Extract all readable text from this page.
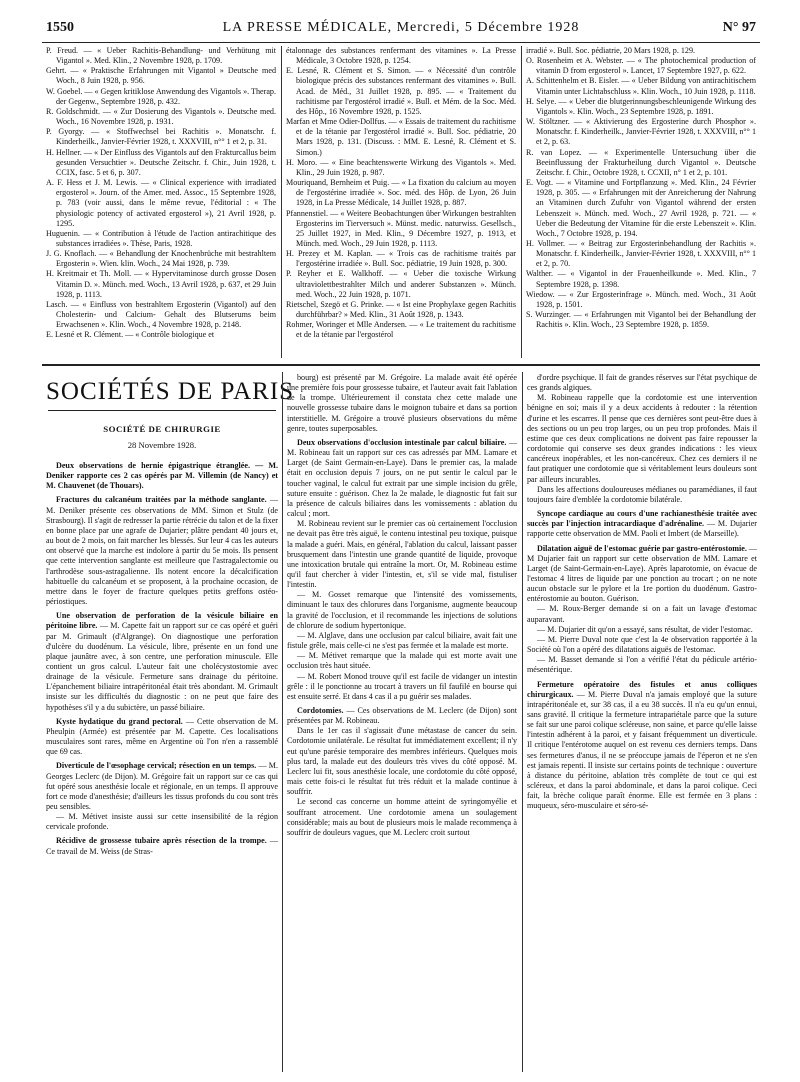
1550	LA PRESSE MÉDICALE, Mercredi, 5 Décembre 1928	N° 97

P. Freud. — « Ueber Rachitis-Behandlung- und Verhütung mit Vigantol ». Med. Klin., 2 Novembre 1928, p. 1709.

Gehrt. — « Praktische Erfahrungen mit Vigantol » Deutsche med Woch., 8 Juin 1928, p. 956.

W. Goebel. — « Gegen kritiklose Anwendung des Vigantols ». Therap. der Gegenw., Septembre 1928, p. 432.

R. Goldschmidt. — « Zur Dosierung des Vigantols ». Deutsche med. Woch., 16 Novembre 1928, p. 1931.

P. Gyorgy. — « Stoffwechsel bei Rachitis ». Monatschr. f. Kinderheilk., Janvier-Février 1928, t. XXXVIII, n°° 1 et 2, p. 31.

H. Hellner. — « Der Einfluss des Vigantols auf den Frakturcallus beim gesunden Versuchtier ». Deutsche Zeitschr. f. Chir., Juin 1928, t. CCIX, fasc. 5 et 6, p. 307.

A. F. Hess et J. M. Lewis. — « Clinical experience with irradiated ergosterol ». Journ. of the Amer. med. Assoc., 15 Septembre 1928, p. 783 (voir aussi, dans le même revue, l'éditorial : « The physiologic potency of activated ergosterol »), 21 Avril 1928, p. 1295.

Huguenin. — « Contribution à l'étude de l'action antirachitique des substances irradiées ». Thèse, Paris, 1928.

J. G. Knoflach. — « Behandlung der Knochenbrüche mit bestrahltem Ergosterin ». Wien. klin. Woch., 24 Mai 1928, p. 739.

H. Kreitmair et Th. Moll. — « Hypervitaminose durch grosse Dosen Vitamin D. ». Münch. med. Woch., 13 Avril 1928, p. 637, et 29 Juin 1928, p. 1113.

Lasch. — « Einfluss von bestrahltem Ergosterin (Vigantol) auf den Cholesterin- und Calcium- Gehalt des Blutserums beim Erwachsenen ». Klin. Woch., 4 Novembre 1928, p. 2148.

E. Lesné et R. Clément. — « Contrôle biologique et

étalonnage des substances renfermant des vitamines ». La Presse Médicale, 3 Octobre 1928, p. 1254.

E. Lesné, R. Clément et S. Simon. — « Nécessité d'un contrôle biologique précis des substances renfermant des vitamines ». Bull. Acad. de Méd., 31 Juillet 1928, p. 895. — « Traitement du rachitisme par l'ergostérol irradié ». Bull. et Mém. de la Soc. Méd. des Hôp., 16 Novembre 1928, p. 1525.

Marfan et Mme Odier-Dollfus. — « Essais de traitement du rachitisme et de la tétanie par l'ergostérol irradié ». Bull. Soc. pédiatrie, 20 Mars 1928, p. 131. (Discuss. : MM. E. Lesné, R. Clément et S. Simon.)

H. Moro. — « Eine beachtenswerte Wirkung des Vigantols ». Med. Klin., 29 Juin 1928, p. 987.

Mouriquand, Bernheim et Puig. — « La fixation du calcium au moyen de l'ergostérine irradiée ». Soc. méd. des Hôp. de Lyon, 26 Juin 1928, in La Presse Médicale, 14 Juillet 1928, p. 887.

Pfannenstiel. — « Weitere Beobachtungen über Wirkungen bestrahlten Ergosterins im Tierversuch ». Münst. medic. naturwiss. Gesellsch., 25 Juillet 1927, in Med. Klin., 9 Décembre 1927, p. 1913, et Münch. med. Woch., 29 Juin 1928, p. 1113.

H. Prezey et M. Kaplan. — « Trois cas de rachitisme traités par l'ergostérine irradiée ». Bull. Soc. pédiatrie, 19 Juin 1928, p. 300.

P. Reyher et E. Walkhoff. — « Ueber die toxische Wirkung ultraviolettbestrahlter Milch und anderer Substanzen ». Münch. med. Woch., 22 Juin 1928, p. 1071.

Rietschel, Szegö et G. Prinke. — « Ist eine Prophylaxe gegen Rachitis durchführbar? » Med. Klin., 31 Août 1928, p. 1343.

Rohmer, Woringer et Mlle Andersen. — « Le traitement du rachitisme et de la tétanie par l'ergostérol

irradié ». Bull. Soc. pédiatrie, 20 Mars 1928, p. 129.

O. Rosenheim et A. Webster. — « The photochemical production of vitamin D from ergosterol ». Lancet, 17 Septembre 1927, p. 622.

A. Schittenhelm et B. Eisler. — « Ueber Bildung von antirachitischem Vitamin unter Lichtabschluss ». Klin. Woch., 10 Juin 1928, p. 1118.

H. Selye. — « Ueber die blutgerinnungsbeschleunigende Wirkung des Vigantols ». Klin. Woch., 23 Septembre 1928, p. 1891.

W. Stöltzner. — « Aktivierung des Ergosterine durch Phosphor ». Monatschr. f. Kinderheilk., Janvier-Février 1928, t. XXXVIII, n°° 1 et 2, p. 63.

R. van Lopez. — « Experimentelle Untersuchung über die Beeinflussung der Frakturheilung durch Vigantol ». Deutsche Zeitschr. f. Chir., Octobre 1928, t. CCXII, n° 1 et 2, p. 101.

E. Vogt. — « Vitamine und Fortpflanzung ». Med. Klin., 24 Février 1928, p. 305. — « Erfahrungen mit der Anreicherung der Nahrung an Vitaminen durch Zufuhr von Vigantol während der ersten Lebenszeit ». Münch. med. Woch., 27 Avril 1928, p. 721. — « Ueber die Bedeutung der Vitamine für die erste Lebenszeit ». Klin. Woch., 7 Octobre 1928, p. 194.

H. Vollmer. — « Beitrag zur Ergosterinbehandlung der Rachitis ». Monatschr. f. Kinderheilk., Janvier-Février 1928, t. XXXVIII, n°° 1 et 2, p. 70.

Walther. — « Vigantol in der Frauenheilkunde ». Med. Klin., 7 Septembre 1928, p. 1398.

Wiedow. — « Zur Ergosterinfrage ». Münch. med. Woch., 31 Août 1928, p. 1501.

S. Wurzinger. — « Erfahrungen mit Vigantol bei der Behandlung der Rachitis ». Klin. Woch., 23 Septembre 1928, p. 1859.

SOCIÉTÉS DE PARIS
SOCIÉTÉ DE CHIRURGIE
28 Novembre 1928.

Deux observations de hernie épigastrique étranglée. — M. Deniker rapporte ces 2 cas opérés par M. Villemin (de Nancy) et M. Chauvenet (de Thouars).

Fractures du calcanéum traitées par la méthode sanglante. — M. Deniker présente ces observations de MM. Simon et Stulz (de Strasbourg). Il s'agit de redresser la partie rétrécie du talon et de la fixer en bonne place par une agrafe de Dujarier; plâtre pendant 40 jours et, au bout de 2 mois, on fait marcher les blessés. Sur leur 4 cas les auteurs ont observé que la marche est indolore à partir du 5e mois. Ils pensent que cette intervention sanglante est meilleure que l'astragalectomie ou l'arthrodèse sous-astragalienne. Ils notent encore la décalcification habituelle du calcanéum et se proposent, à la prochaine occasion, de mettre dans le foyer de fracture quelques petits greffons ostéo-périostiques.

Une observation de perforation de la vésicule biliaire en péritoine libre. — M. Capette fait un rapport sur ce cas opéré et guéri par M. Grimault (d'Algrange). On diagnostique une perforation d'ulcère du duodénum. La vésicule, libre, présente en un fond une plaque jaunâtre avec, à son centre, une perforation minuscule. Elle contient un gros calcul. L'auteur fait une cholécystostomie avec drainage de la vésicule. Fermeture sans drainage du péritoine. L'épanchement biliaire intrapéritonéal était très abondant. M. Grimault insiste sur les difficultés du diagnostic : on ne peut que faire des hypothèses s'il y a du subictère, un passé biliaire.

Kyste hydatique du grand pectoral. — Cette observation de M. Pheulpin (Armée) est présentée par M. Capette. Ces localisations musculaires sont rares, même en Argentine où l'on n'en a rassemblé que 69 cas.

Diverticule de l'œsophage cervical; résection en un temps. — M. Georges Leclerc (de Dijon). M. Grégoire fait un rapport sur ce cas qui fut opéré sous anesthésie locale et régionale, en un temps. Il approuve fort ce mode d'anesthésie; d'ailleurs les tissus profonds du cou sont très peu sensibles.

— M. Métivet insiste aussi sur cette insensibilité de la région cervicale profonde.

Récidive de grossesse tubaire après résection de la trompe. — Ce travail de M. Weiss (de Stras-

bourg) est présenté par M. Grégoire. La malade avait été opérée une première fois pour grossesse tubaire, et l'auteur avait fait l'ablation de la trompe. Ultérieurement il constata chez cette malade une nouvelle grossesse tubaire dans le moignon tubaire et dans sa portion interstitielle. M. Grégoire a trouvé plusieurs observations du même genre, toutes superposables.

Deux observations d'occlusion intestinale par calcul biliaire. — M. Robineau fait un rapport sur ces cas adressés par MM. Lamare et Larget (de Saint Germain-en-Laye). Dans le premier cas, la malade était en occlusion depuis 7 jours, on ne put sentir le calcul par le toucher vaginal, le calcul fut extrait par une simple incision du grêle, suture ensuite : guérison. Chez la 2e malade, le diagnostic fut fait sur la présence de calculs biliaires dans les vomissements : ablation du calcul ; mort.

M. Robineau revient sur le premier cas où certainement l'occlusion ne devait pas être très aiguë, le contenu intestinal peu toxique, puisque la malade a guéri. Mais, en général, l'ablation du calcul, laissant passer brusquement dans l'intestin une grande quantité de liquide, provoque une intoxication brutale qui entraîne la mort. Or, M. Robineau estime qu'il faut chercher à vider l'intestin, et, s'il se vide mal, fistuliser l'intestin.

— M. Gosset remarque que l'intensité des vomissements, diminuant le taux des chlorures dans l'organisme, augmente beaucoup la gravité de l'occlusion, et il recommande les injections de solutions de chlorure de sodium hypertonique.

— M. Alglave, dans une occlusion par calcul biliaire, avait fait une fistule grêle, mais celle-ci ne s'est pas fermée et la malade est morte.

— M. Métivet remarque que la malade qui est morte avait une occlusion très haut située.

— M. Robert Monod trouve qu'il est facile de vidanger un intestin grêle : il le ponctionne au trocart à travers un fil faufilé en bourse qui est ensuite serré. Et dans 4 cas il a pu guérir ses malades.

Cordotomies. — Ces observations de M. Leclerc (de Dijon) sont présentées par M. Robineau.

Dans le 1er cas il s'agissait d'une métastase de cancer du sein. Cordotomie unilatérale. Le résultat fut immédiatement excellent; il n'y eut qu'une parésie temporaire des membres inférieurs. Quelques mois plus tard, la malade eut des douleurs très vives du côté opposé. M. Leclerc lui fit, sous anesthésie locale, une cordotomie du côté opposé, mais cette fois-ci le résultat fut très réduit et la malade continue à souffrir.

Le second cas concerne un homme atteint de syringomyélie et souffrant atrocement. Une cordotomie amena un soulagement considérable; mais au bout de plusieurs mois le malade recommença à souffrir de douleurs vagues, que M. Leclerc croit surtout

d'ordre psychique. Il fait de grandes réserves sur l'état psychique de ces grands algiques.

M. Robineau rappelle que la cordotomie est une intervention bénigne en soi; mais il y a deux accidents à redouter : la rétention d'urine et les escarres. Il pense que ces dernières sont peut-être dues à des sections ou un peu trop larges, ou un peu trop profondes. Mais il estime que ces deux complications ne doivent pas faire repousser la cordotomie qui conserve ses deux grandes indications : les vieux cancéreux inopérables, et les non-cancéreux. Chez ces derniers il ne faut pratiquer une cordotomie que si véritablement leurs douleurs sont par ailleurs incurables.

Dans les affections douloureuses médianes ou paramédianes, il faut toujours faire d'emblée la cordotomie bilatérale.

Syncope cardiaque au cours d'une rachianesthésie traitée avec succès par l'injection intracardiaque d'adrénaline. — M. Dujarier rapporte cette observation de MM. Paoli et Imbert (de Marseille).

Dilatation aiguë de l'estomac guérie par gastro-entérostomie. — M Dujarier fait un rapport sur cette observation de MM. Lamare et Larget (de Saint-Germain-en-Laye). Après laparotomie, on évacue de l'estomac 4 litres de liquide par une ponction au trocart ; on ne note aucun obstacle sur le pylore et la 1re portion du duodénum. Gastro-entérostomie au bouton. Guérison.

— M. Roux-Berger demande si on a fait un lavage d'estomac auparavant.

— M. Dujarier dit qu'on a essayé, sans résultat, de vider l'estomac.

— M. Pierre Duval note que c'est la 4e observation rapportée à la Société où l'on a opéré des dilatations aiguës de l'estomac.

— M. Basset demande si l'on a vérifié l'état du pédicule artério-mésentérique.

Fermeture opératoire des fistules et anus colliques chirurgicaux. — M. Pierre Duval n'a jamais employé que la suture intrapéritonéale et, sur 38 cas, il a eu 38 succès. Il n'a eu qu'un ennui, sans gravité. Il critique la fermeture intrapariétale parce que la suture se fait sur une paroi colique scléreuse, non saine, et parce qu'elle laisse l'intestin adhérent à la paroi, et y faisant fréquemment un diverticule. Il critique l'entérotome auquel on est revenu ces derniers temps. Dans ses fermetures d'anus, il ne se préoccupe jamais de l'éperon et ne s'en est jamais repenti. Il insiste sur certains points de technique : ouverture à distance du péritoine, ablation très complète de tout ce qui est scléreux, et dans la paroi abdominale, et dans la paroi colique. Ceci fait, la brèche colique paraît énorme. Elle est fermée en 3 plans : muqueux, séro-musculaire et séro-sé-
